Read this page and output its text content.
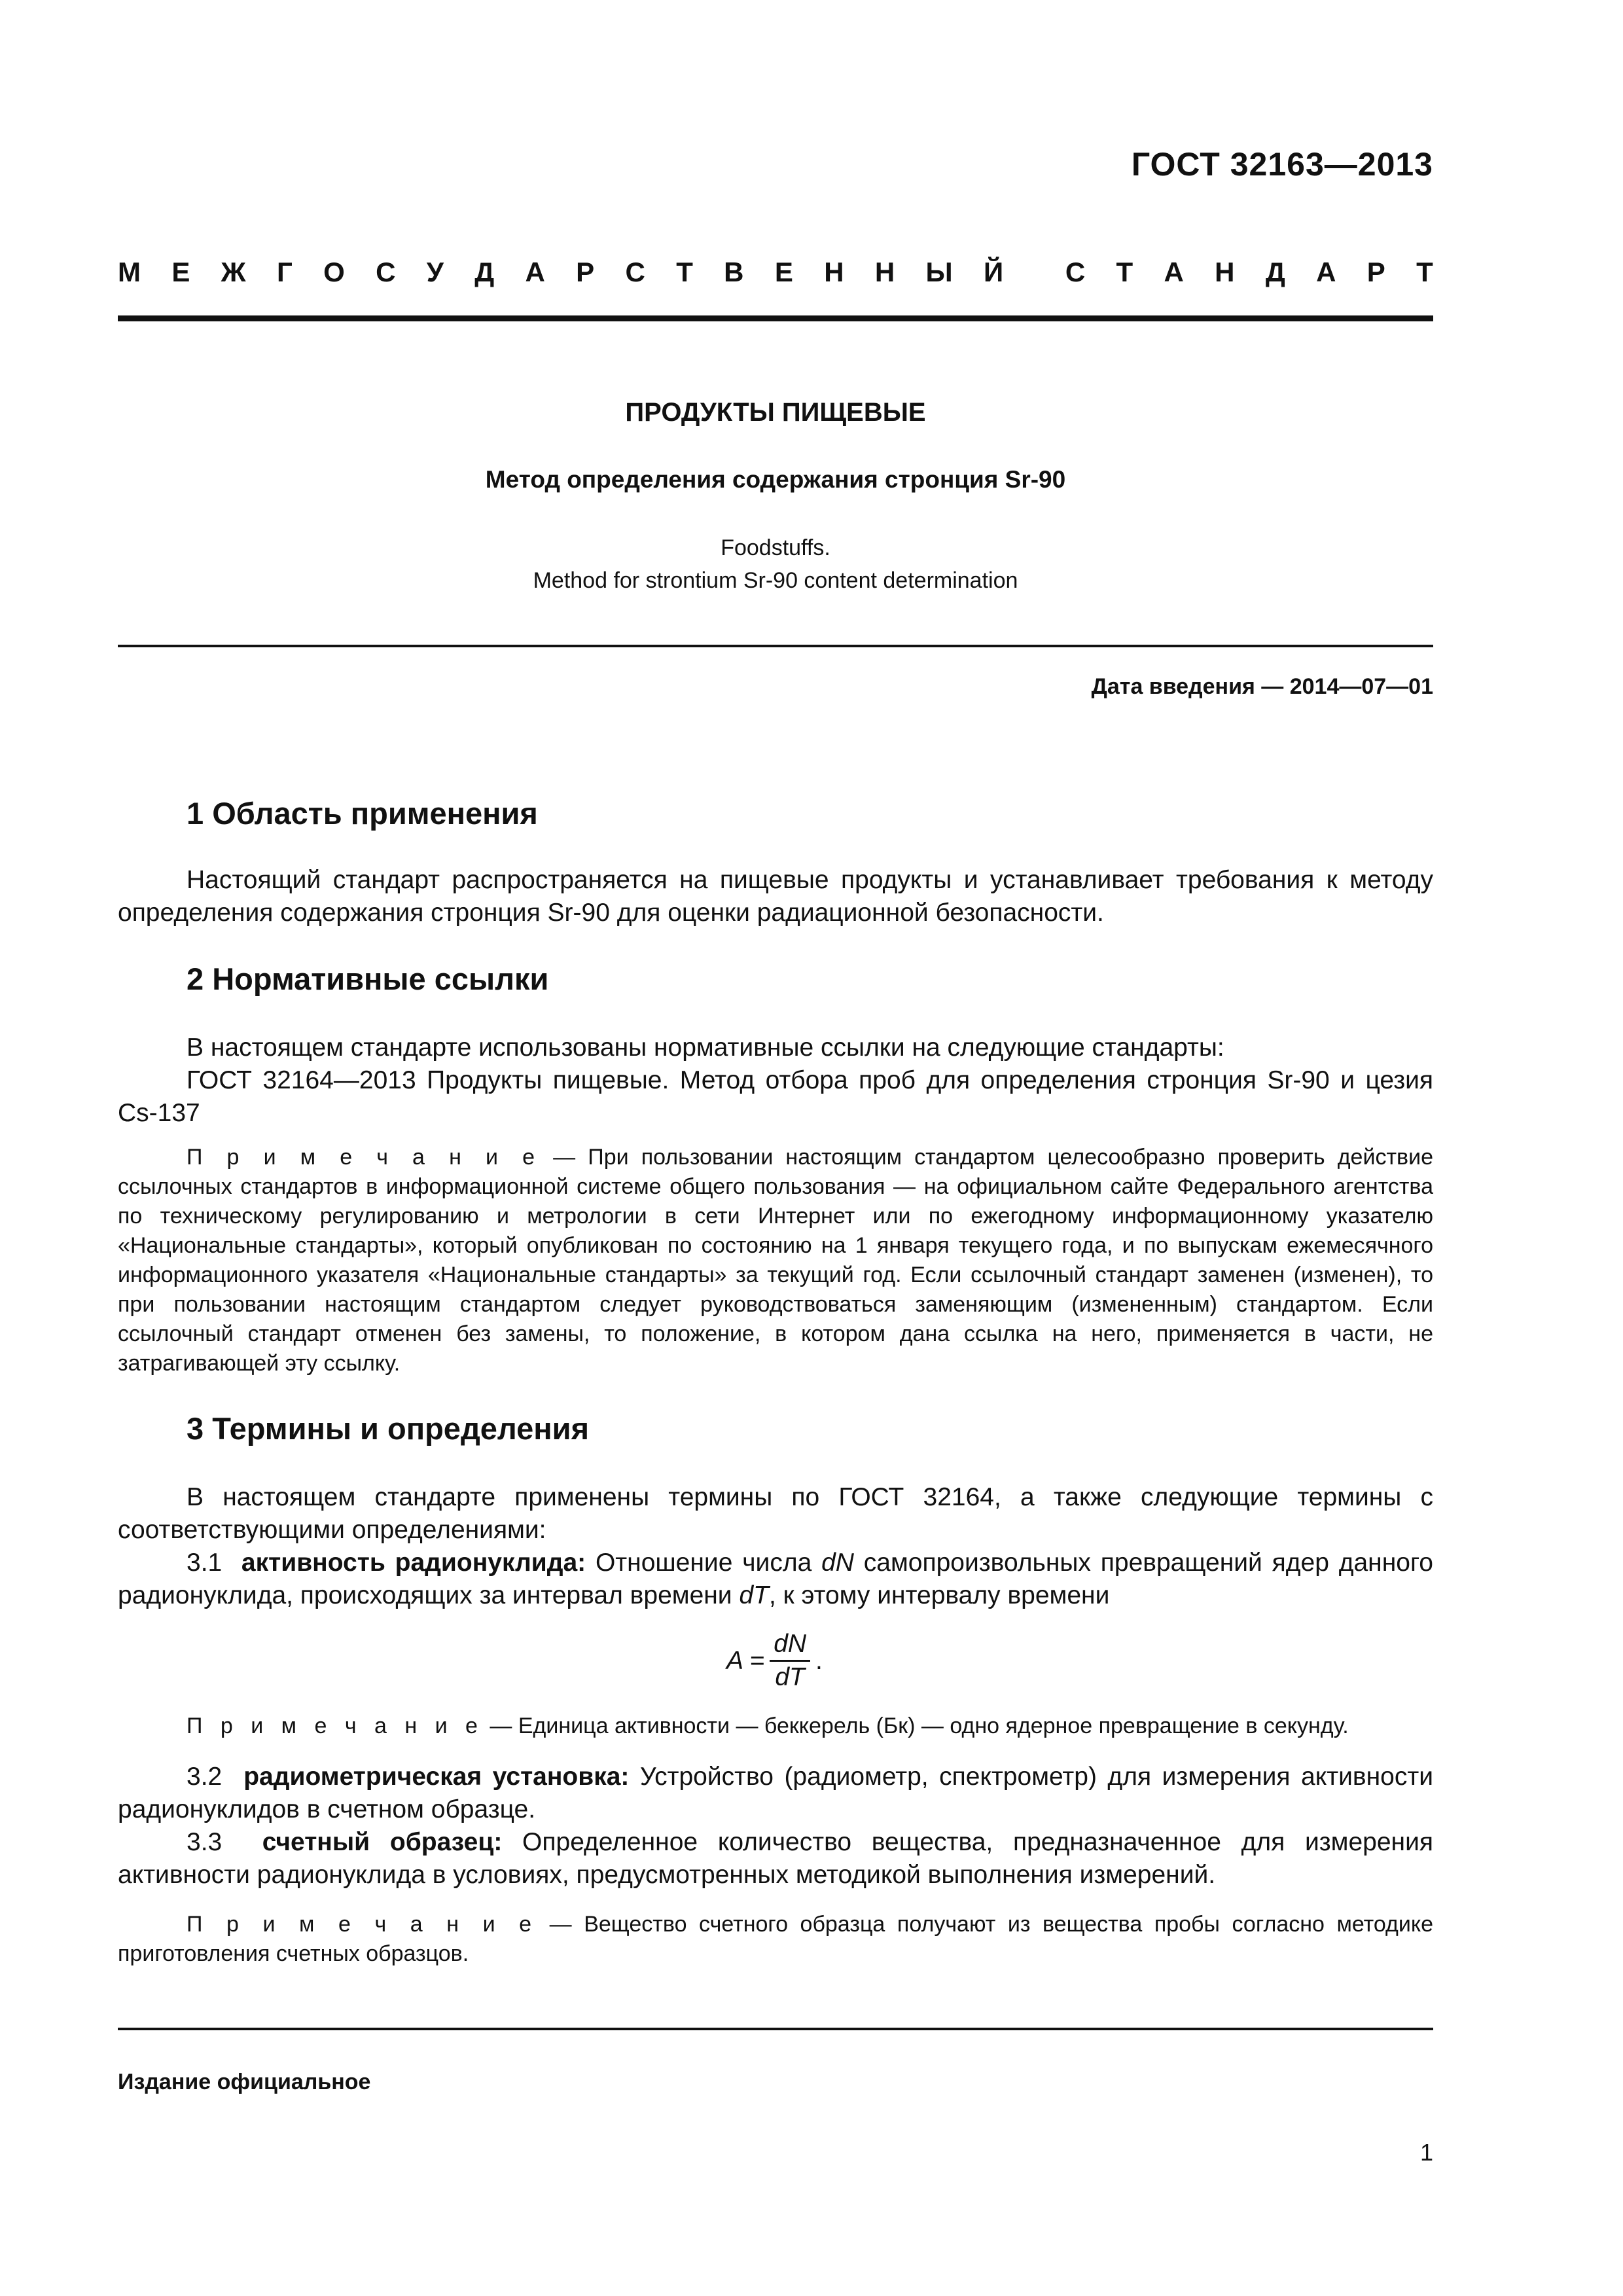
ГОСТ 32163—2013
М Е Ж Г О С У Д А Р С Т В Е Н Н Ы Й С Т А Н Д А Р Т
ПРОДУКТЫ ПИЩЕВЫЕ
Метод определения содержания стронция Sr-90
Foodstuffs.
Method for strontium Sr-90 content determination
Дата введения — 2014—07—01
1 Область применения
Настоящий стандарт распространяется на пищевые продукты и устанавливает требования к методу определения содержания стронция Sr-90 для оценки радиационной безопасности.
2 Нормативные ссылки
В настоящем стандарте использованы нормативные ссылки на следующие стандарты:
ГОСТ 32164—2013 Продукты пищевые. Метод отбора проб для определения стронция Sr-90 и цезия Cs-137
П р и м е ч а н и е — При пользовании настоящим стандартом целесообразно проверить действие ссылочных стандартов в информационной системе общего пользования — на официальном сайте Федерального агентства по техническому регулированию и метрологии в сети Интернет или по ежегодному информационному указателю «Национальные стандарты», который опубликован по состоянию на 1 января текущего года, и по выпускам ежемесячного информационного указателя «Национальные стандарты» за текущий год. Если ссылочный стандарт заменен (изменен), то при пользовании настоящим стандартом следует руководствоваться заменяющим (измененным) стандартом. Если ссылочный стандарт отменен без замены, то положение, в котором дана ссылка на него, применяется в части, не затрагивающей эту ссылку.
3 Термины и определения
В настоящем стандарте применены термины по ГОСТ 32164, а также следующие термины с соответствующими определениями:
3.1 активность радионуклида: Отношение числа dN самопроизвольных превращений ядер данного радионуклида, происходящих за интервал времени dT, к этому интервалу времени
$A = \frac{dN}{dT}$ .
П р и м е ч а н и е — Единица активности — беккерель (Бк) — одно ядерное превращение в секунду.
3.2 радиометрическая установка: Устройство (радиометр, спектрометр) для измерения активности радионуклидов в счетном образце.
3.3 счетный образец: Определенное количество вещества, предназначенное для измерения активности радионуклида в условиях, предусмотренных методикой выполнения измерений.
П р и м е ч а н и е — Вещество счетного образца получают из вещества пробы согласно методике приготовления счетных образцов.
Издание официальное
1
